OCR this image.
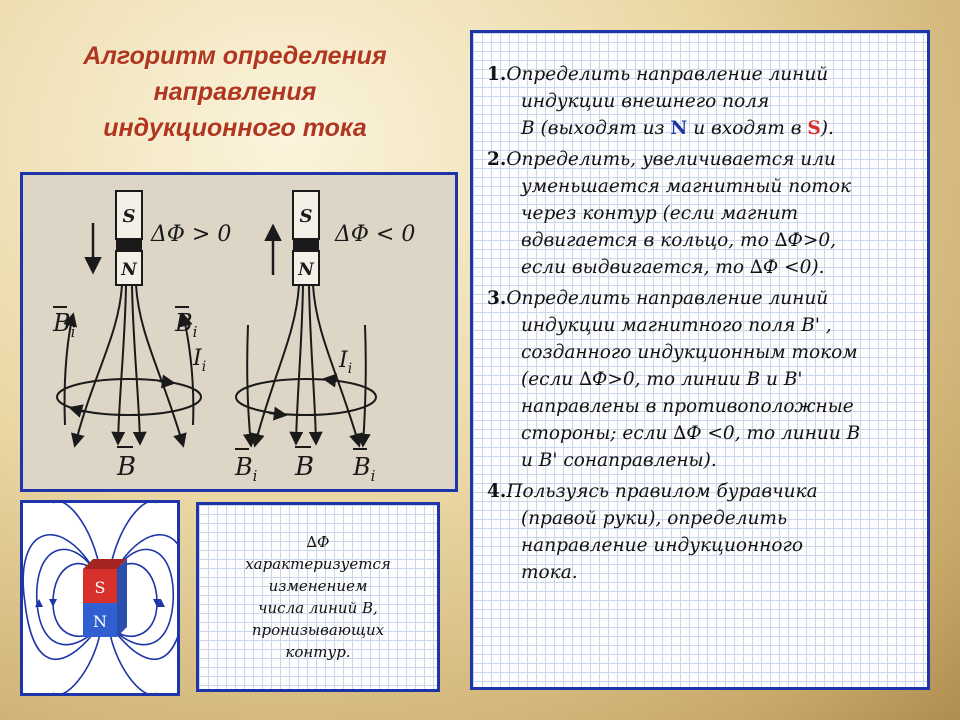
Алгоритм определения
направления
индукционного тока
S
N
ΔΦ > 0
$B_i$	$B_i$
$I_i$
B
S
N
ΔΦ < 0
$I_i$
$B_i$ B $B_i$
S
N
∆Ф
характеризуется
изменением
числа линий B,
пронизывающих
контур.
1.Определить направление линий
индукции внешнего поля
B (выходят из N и входят в S).
2.Определить, увеличивается или
уменьшается магнитный поток
через контур (если магнит
вдвигается в кольцо, то ∆Ф>0,
если выдвигается, то ∆Ф <0).
3.Определить направление линий
индукции магнитного поля B' ,
созданного индукционным током
(если ∆Ф>0, то линии B и B'
направлены в противоположные
стороны; если ∆Ф <0, то линии B
и B' сонаправлены).
4.Пользуясь правилом буравчика
(правой руки), определить
направление индукционного
тока.
